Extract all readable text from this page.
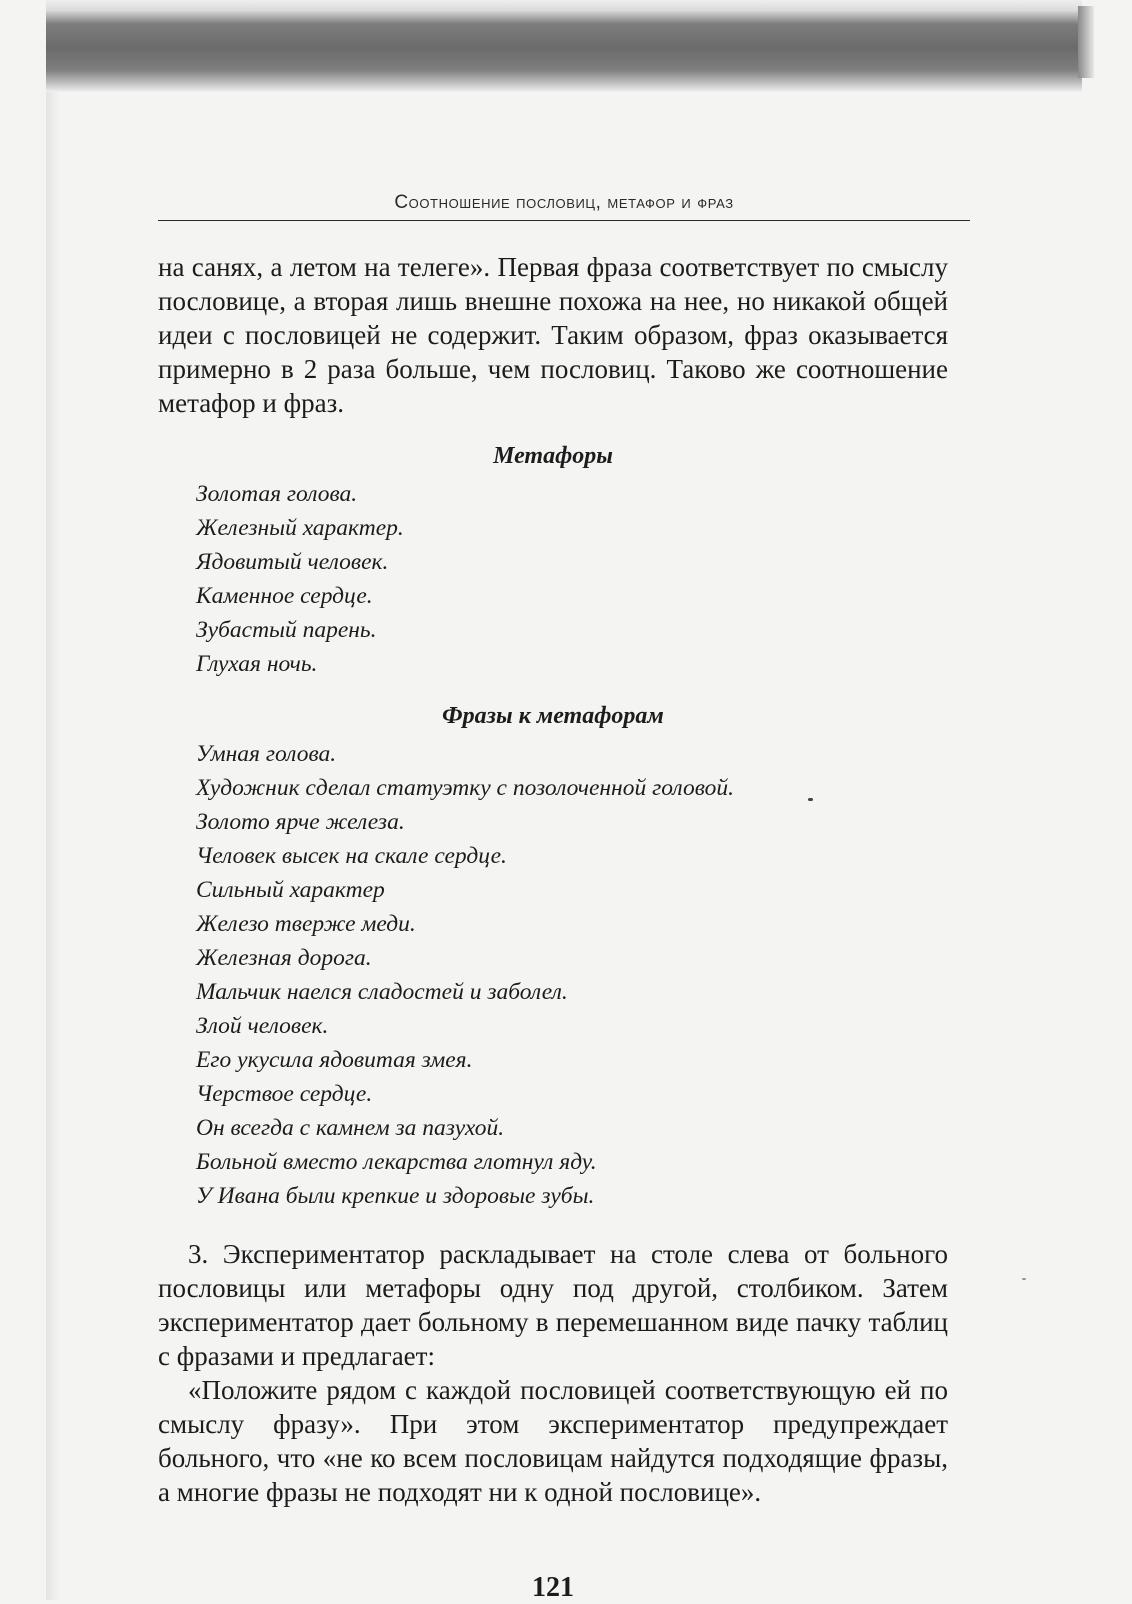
Соотношение пословиц, метафор и фраз

на санях, а летом на телеге». Первая фраза соответствует по смыслу пословице, а вторая лишь внешне похожа на нее, но никакой общей идеи с пословицей не содержит. Таким образом, фраз оказывается примерно в 2 раза больше, чем пословиц. Таково же соотношение метафор и фраз.

Метафоры

Золотая голова.
Железный характер.
Ядовитый человек.
Каменное сердце.
Зубастый парень.
Глухая ночь.

Фразы к метафорам

Умная голова.
Художник сделал статуэтку с позолоченной головой.
Золото ярче железа.
Человек высек на скале сердце.
Сильный характер
Железо тверже меди.
Железная дорога.
Мальчик наелся сладостей и заболел.
Злой человек.
Его укусила ядовитая змея.
Черствое сердце.
Он всегда с камнем за пазухой.
Больной вместо лекарства глотнул яду.
У Ивана были крепкие и здоровые зубы.

3. Экспериментатор раскладывает на столе слева от больного пословицы или метафоры одну под другой, столбиком. Затем экспериментатор дает больному в перемешанном виде пачку таблиц с фразами и предлагает:

«Положите рядом с каждой пословицей соответствующую ей по смыслу фразу». При этом экспериментатор предупреждает больного, что «не ко всем пословицам найдутся подходящие фразы, а многие фразы не подходят ни к одной пословице».

121
